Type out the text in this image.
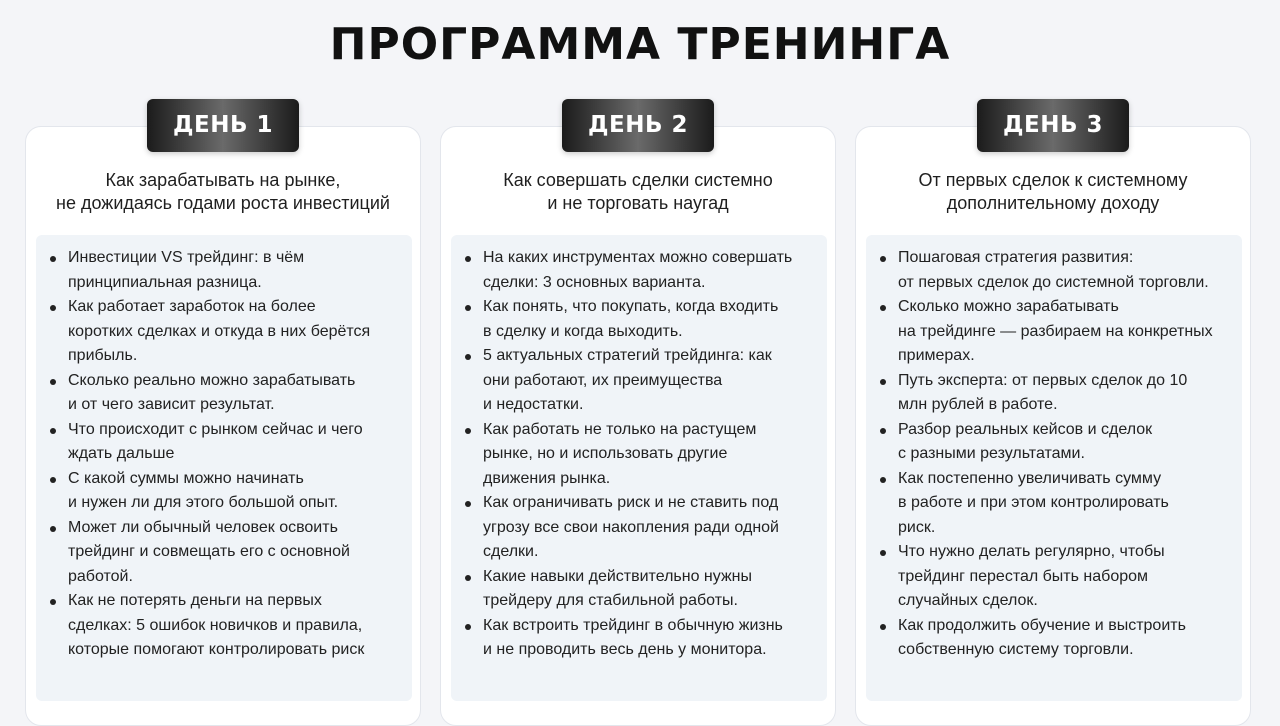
ПРОГРАММА ТРЕНИНГА
ДЕНЬ 1
Как зарабатывать на рынке,
не дожидаясь годами роста инвестиций
Инвестиции VS трейдинг: в чём
принципиальная разница.
Как работает заработок на более
коротких сделках и откуда в них берётся
прибыль.
Сколько реально можно зарабатывать
и от чего зависит результат.
Что происходит с рынком сейчас и чего
ждать дальше
С какой суммы можно начинать
и нужен ли для этого большой опыт.
Может ли обычный человек освоить
трейдинг и совмещать его с основной
работой.
Как не потерять деньги на первых
сделках: 5 ошибок новичков и правила,
которые помогают контролировать риск
ДЕНЬ 2
Как совершать сделки системно
и не торговать наугад
На каких инструментах можно совершать
сделки: 3 основных варианта.
Как понять, что покупать, когда входить
в сделку и когда выходить.
5 актуальных стратегий трейдинга: как
они работают, их преимущества
и недостатки.
Как работать не только на растущем
рынке, но и использовать другие
движения рынка.
Как ограничивать риск и не ставить под
угрозу все свои накопления ради одной
сделки.
Какие навыки действительно нужны
трейдеру для стабильной работы.
Как встроить трейдинг в обычную жизнь
и не проводить весь день у монитора.
ДЕНЬ 3
От первых сделок к системному
дополнительному доходу
Пошаговая стратегия развития:
от первых сделок до системной торговли.
Сколько можно зарабатывать
на трейдинге — разбираем на конкретных
примерах.
Путь эксперта: от первых сделок до 10
млн рублей в работе.
Разбор реальных кейсов и сделок
с разными результатами.
Как постепенно увеличивать сумму
в работе и при этом контролировать
риск.
Что нужно делать регулярно, чтобы
трейдинг перестал быть набором
случайных сделок.
Как продолжить обучение и выстроить
собственную систему торговли.
